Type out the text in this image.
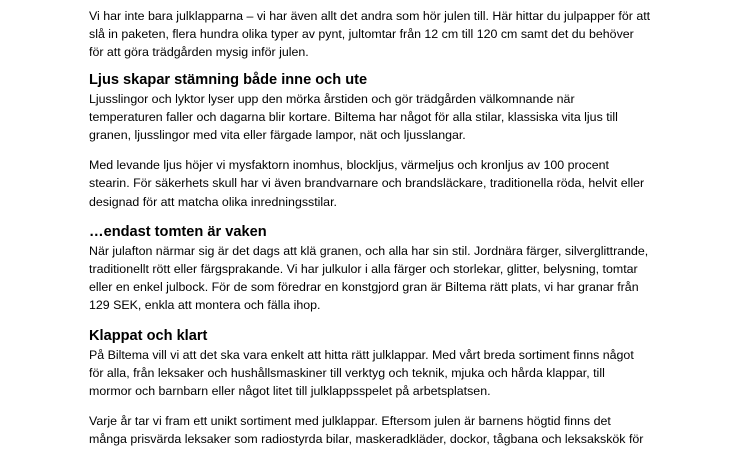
Vi har inte bara julklapparna – vi har även allt det andra som hör julen till. Här hittar du julpapper för att
slå in paketen, flera hundra olika typer av pynt, jultomtar från 12 cm till 120 cm samt det du behöver
för att göra trädgården mysig inför julen.

Ljus skapar stämning både inne och ute

Ljusslingor och lyktor lyser upp den mörka årstiden och gör trädgården välkomnande när
temperaturen faller och dagarna blir kortare. Biltema har något för alla stilar, klassiska vita ljus till
granen, ljusslingor med vita eller färgade lampor, nät och ljusslangar.

Med levande ljus höjer vi mysfaktorn inomhus, blockljus, värmeljus och kronljus av 100 procent
stearin. För säkerhets skull har vi även brandvarnare och brandsläckare, traditionella röda, helvit eller
designad för att matcha olika inredningsstilar.

…endast tomten är vaken

När julafton närmar sig är det dags att klä granen, och alla har sin stil. Jordnära färger, silverglittrande,
traditionellt rött eller färgsprakande. Vi har julkulor i alla färger och storlekar, glitter, belysning, tomtar
eller en enkel julbock. För de som föredrar en konstgjord gran är Biltema rätt plats, vi har granar från
129 SEK, enkla att montera och fälla ihop.

Klappat och klart

På Biltema vill vi att det ska vara enkelt att hitta rätt julklappar. Med vårt breda sortiment finns något
för alla, från leksaker och hushållsmaskiner till verktyg och teknik, mjuka och hårda klappar, till
mormor och barnbarn eller något litet till julklappsspelet på arbetsplatsen.

Varje år tar vi fram ett unikt sortiment med julklappar. Eftersom julen är barnens högtid finns det
många prisvärda leksaker som radiostyrda bilar, maskeradkläder, dockor, tågbana och leksakskök för
